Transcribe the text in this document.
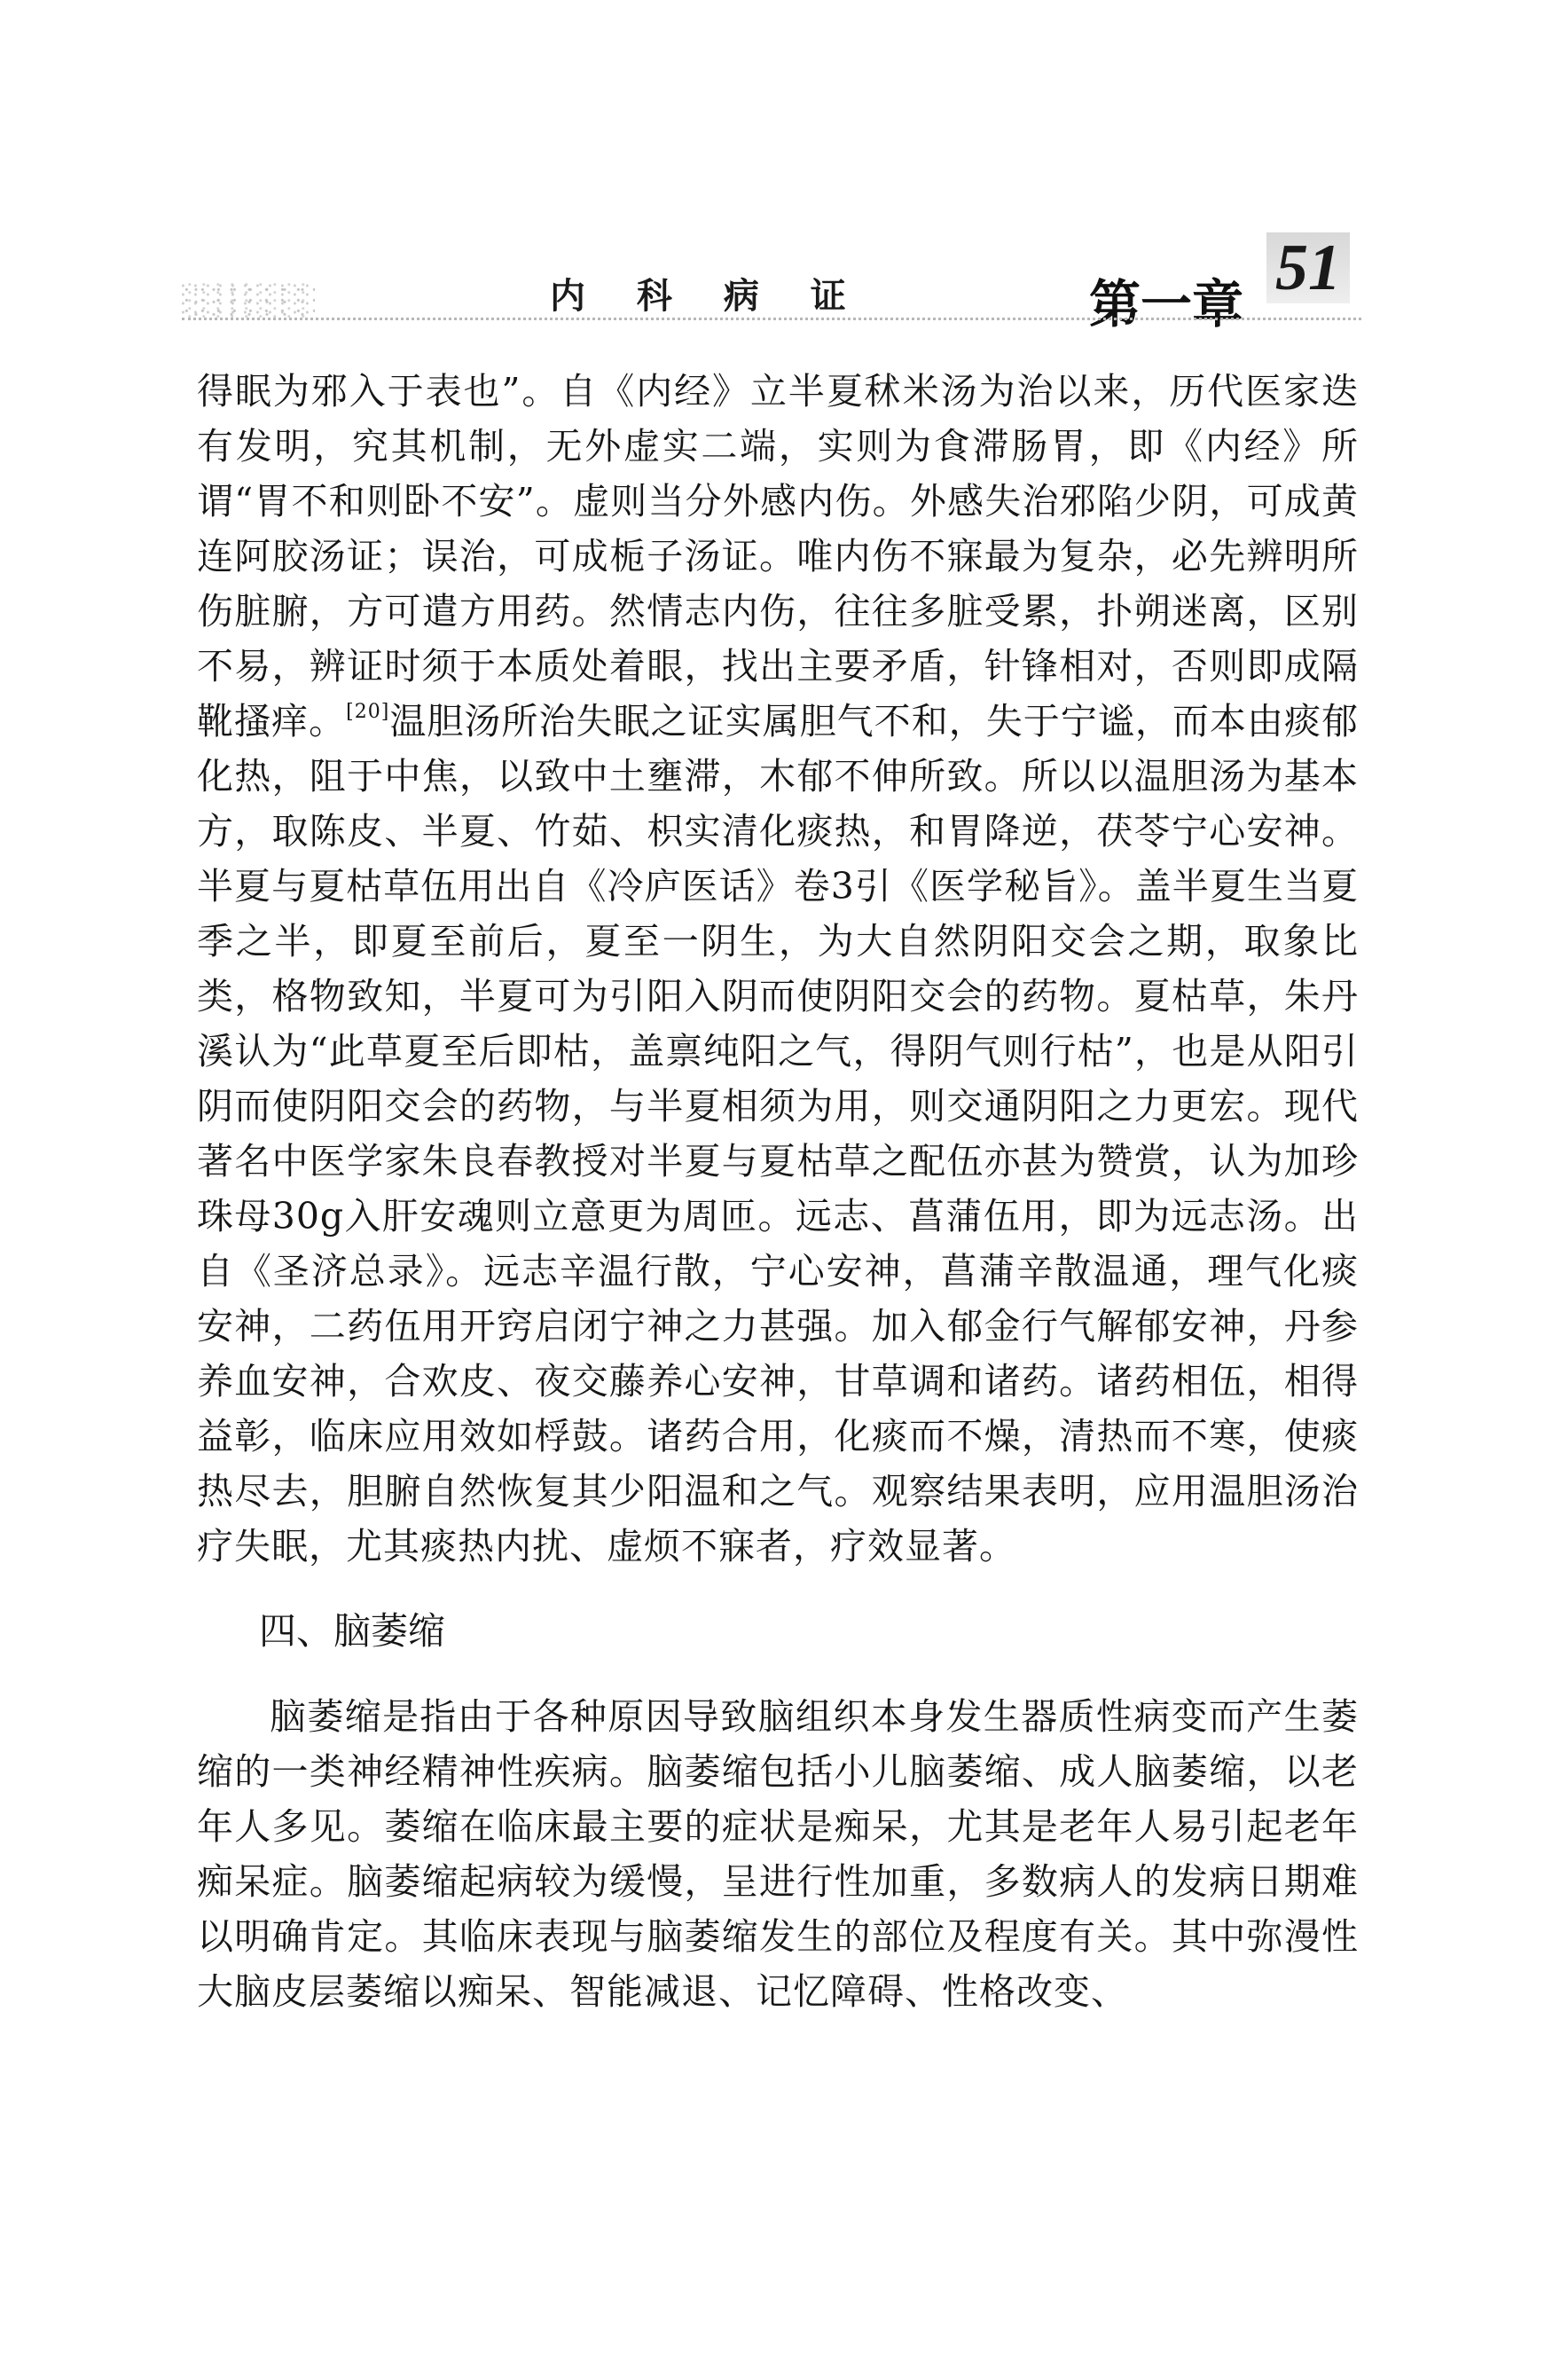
内 科 病 证	第一章 51

得眠为邪入于表也”。自《内经》立半夏秫米汤为治以来，历代医家迭有发明，究其机制，无外虚实二端，实则为食滞肠胃，即《内经》所谓“胃不和则卧不安”。虚则当分外感内伤。外感失治邪陷少阴，可成黄连阿胶汤证；误治，可成栀子汤证。唯内伤不寐最为复杂，必先辨明所伤脏腑，方可遣方用药。然情志内伤，往往多脏受累，扑朔迷离，区别不易，辨证时须于本质处着眼，找出主要矛盾，针锋相对，否则即成隔靴搔痒。[20]温胆汤所治失眠之证实属胆气不和，失于宁谧，而本由痰郁化热，阻于中焦，以致中土壅滞，木郁不伸所致。所以以温胆汤为基本方，取陈皮、半夏、竹茹、枳实清化痰热，和胃降逆，茯苓宁心安神。半夏与夏枯草伍用出自《冷庐医话》卷3引《医学秘旨》。盖半夏生当夏季之半，即夏至前后，夏至一阴生，为大自然阴阳交会之期，取象比类，格物致知，半夏可为引阳入阴而使阴阳交会的药物。夏枯草，朱丹溪认为“此草夏至后即枯，盖禀纯阳之气，得阴气则行枯”，也是从阳引阴而使阴阳交会的药物，与半夏相须为用，则交通阴阳之力更宏。现代著名中医学家朱良春教授对半夏与夏枯草之配伍亦甚为赞赏，认为加珍珠母30g入肝安魂则立意更为周匝。远志、菖蒲伍用，即为远志汤。出自《圣济总录》。远志辛温行散，宁心安神，菖蒲辛散温通，理气化痰安神，二药伍用开窍启闭宁神之力甚强。加入郁金行气解郁安神，丹参养血安神，合欢皮、夜交藤养心安神，甘草调和诸药。诸药相伍，相得益彰，临床应用效如桴鼓。诸药合用，化痰而不燥，清热而不寒，使痰热尽去，胆腑自然恢复其少阳温和之气。观察结果表明，应用温胆汤治疗失眠，尤其痰热内扰、虚烦不寐者，疗效显著。

四、脑萎缩

脑萎缩是指由于各种原因导致脑组织本身发生器质性病变而产生萎缩的一类神经精神性疾病。脑萎缩包括小儿脑萎缩、成人脑萎缩，以老年人多见。萎缩在临床最主要的症状是痴呆，尤其是老年人易引起老年痴呆症。脑萎缩起病较为缓慢，呈进行性加重，多数病人的发病日期难以明确肯定。其临床表现与脑萎缩发生的部位及程度有关。其中弥漫性大脑皮层萎缩以痴呆、智能减退、记忆障碍、性格改变、
